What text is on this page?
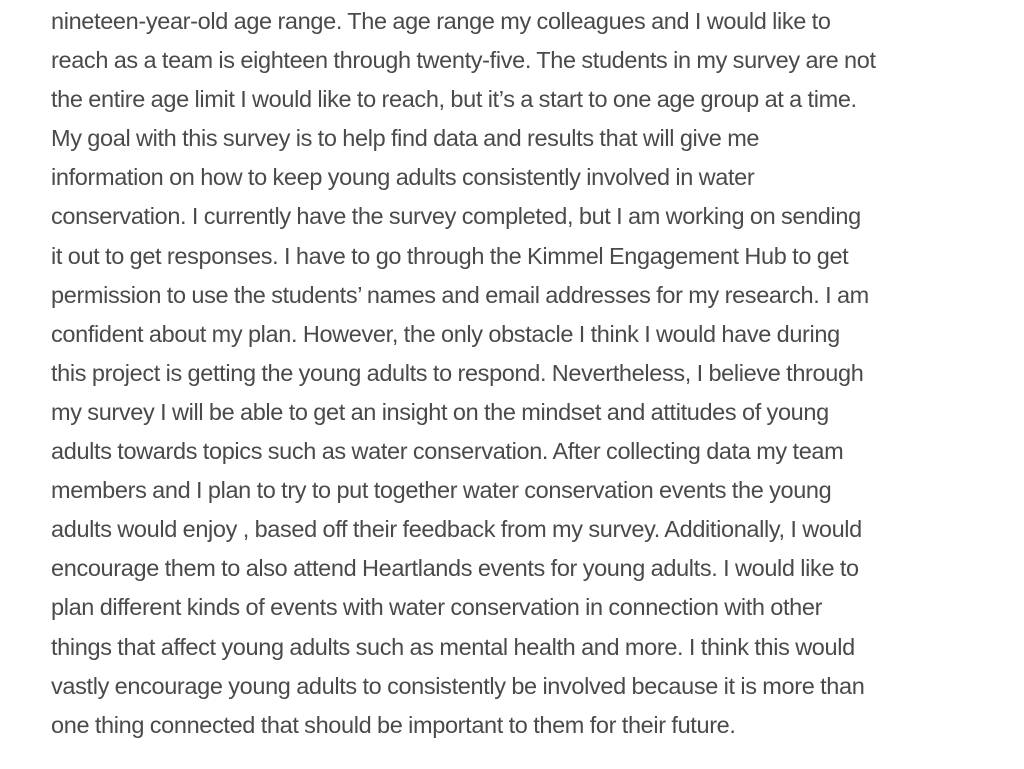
nineteen-year-old age range. The age range my colleagues and I would like to
reach as a team is eighteen through twenty-five. The students in my survey are not
the entire age limit I would like to reach, but it’s a start to one age group at a time.
My goal with this survey is to help find data and results that will give me
information on how to keep young adults consistently involved in water
conservation. I currently have the survey completed, but I am working on sending
it out to get responses. I have to go through the Kimmel Engagement Hub to get
permission to use the students’ names and email addresses for my research. I am
confident about my plan. However, the only obstacle I think I would have during
this project is getting the young adults to respond. Nevertheless, I believe through
my survey I will be able to get an insight on the mindset and attitudes of young
adults towards topics such as water conservation. After collecting data my team
members and I plan to try to put together water conservation events the young
adults would enjoy , based off their feedback from my survey. Additionally, I would
encourage them to also attend Heartlands events for young adults. I would like to
plan different kinds of events with water conservation in connection with other
things that affect young adults such as mental health and more. I think this would
vastly encourage young adults to consistently be involved because it is more than
one thing connected that should be important to them for their future.
